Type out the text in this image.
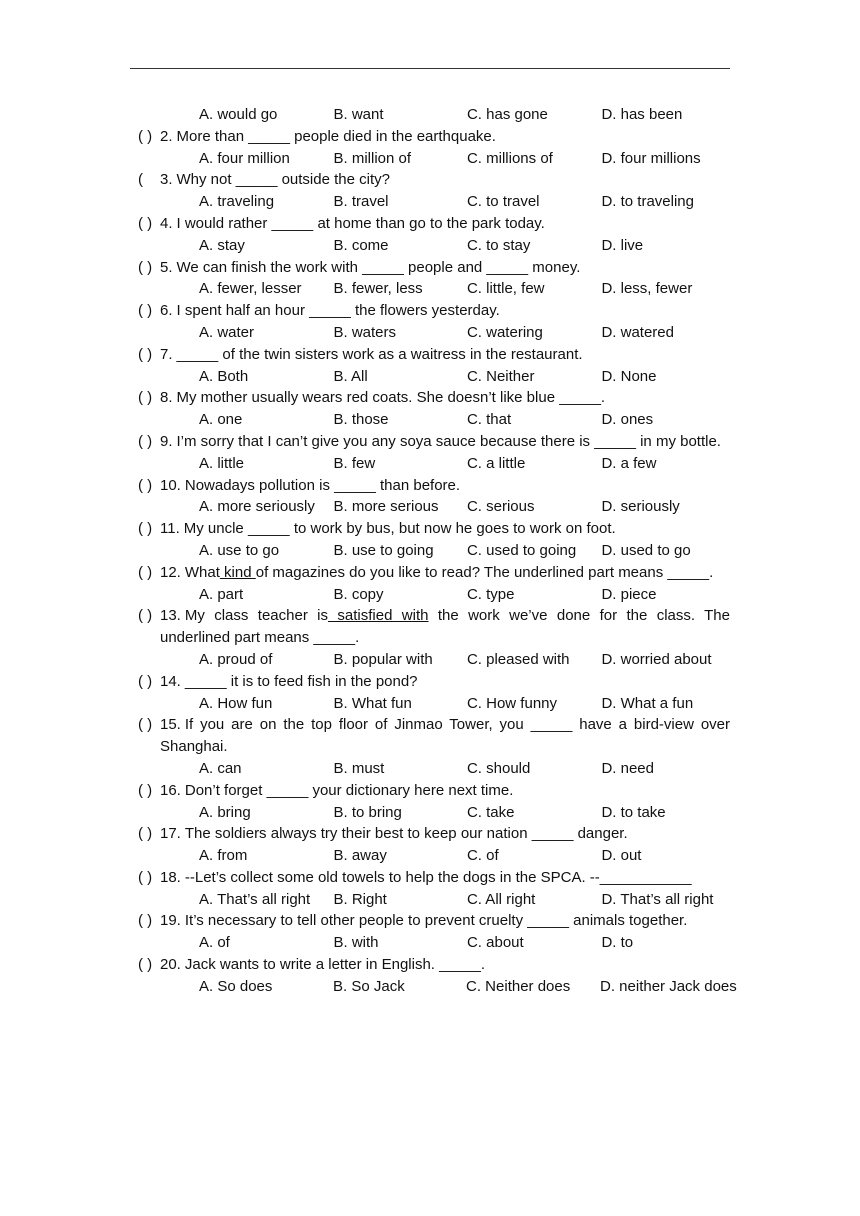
A. would go	B. want	C. has gone	D. has been
( ) 2. More than _____ people died in the earthquake.
A. four million	B. million of	C. millions of	D. four millions
(	3. Why not _____ outside the city?
A. traveling	B. travel	C. to travel	D. to traveling
( ) 4. I would rather _____ at home than go to the park today.
A. stay	B. come	C. to stay	D. live
( ) 5. We can finish the work with _____ people and _____ money.
A. fewer, lesser	B. fewer, less	C. little, few	D. less, fewer
( ) 6. I spent half an hour _____ the flowers yesterday.
A. water	B. waters	C. watering	D. watered
( ) 7. _____ of the twin sisters work as a waitress in the restaurant.
A. Both	B. All	C. Neither	D. None
( ) 8. My mother usually wears red coats. She doesn’t like blue _____.
A. one	B. those	C. that	D. ones
( ) 9. I’m sorry that I can’t give you any soya sauce because there is _____ in my bottle.
A. little	B. few	C. a little	D. a few
( ) 10. Nowadays pollution is _____ than before.
A. more seriously	B. more serious	C. serious	D. seriously
( ) 11. My uncle _____ to work by bus, but now he goes to work on foot.
A. use to go	B. use to going	C. used to going	D. used to go
( ) 12. What kind of magazines do you like to read? The underlined part means _____.
A. part	B. copy	C. type	D. piece
( ) 13. My class teacher is satisfied with the work we’ve done for the class. The underlined part means _____.
A. proud of	B. popular with	C. pleased with	D. worried about
( ) 14. _____ it is to feed fish in the pond?
A. How fun	B. What fun	C. How funny	D. What a fun
( ) 15. If you are on the top floor of Jinmao Tower, you _____ have a bird-view over Shanghai.
A. can	B. must	C. should	D. need
( ) 16. Don’t forget _____ your dictionary here next time.
A. bring	B. to bring	C. take	D. to take
( ) 17. The soldiers always try their best to keep our nation _____ danger.
A. from	B. away	C. of	D. out
( ) 18. --Let’s collect some old towels to help the dogs in the SPCA. --___________
A. That’s all right	B. Right	C. All right	D. That’s all right
( ) 19. It’s necessary to tell other people to prevent cruelty _____ animals together.
A. of	B. with	C. about	D. to
( ) 20. Jack wants to write a letter in English. _____.
A. So does	B. So Jack	C. Neither does	D. neither Jack does
